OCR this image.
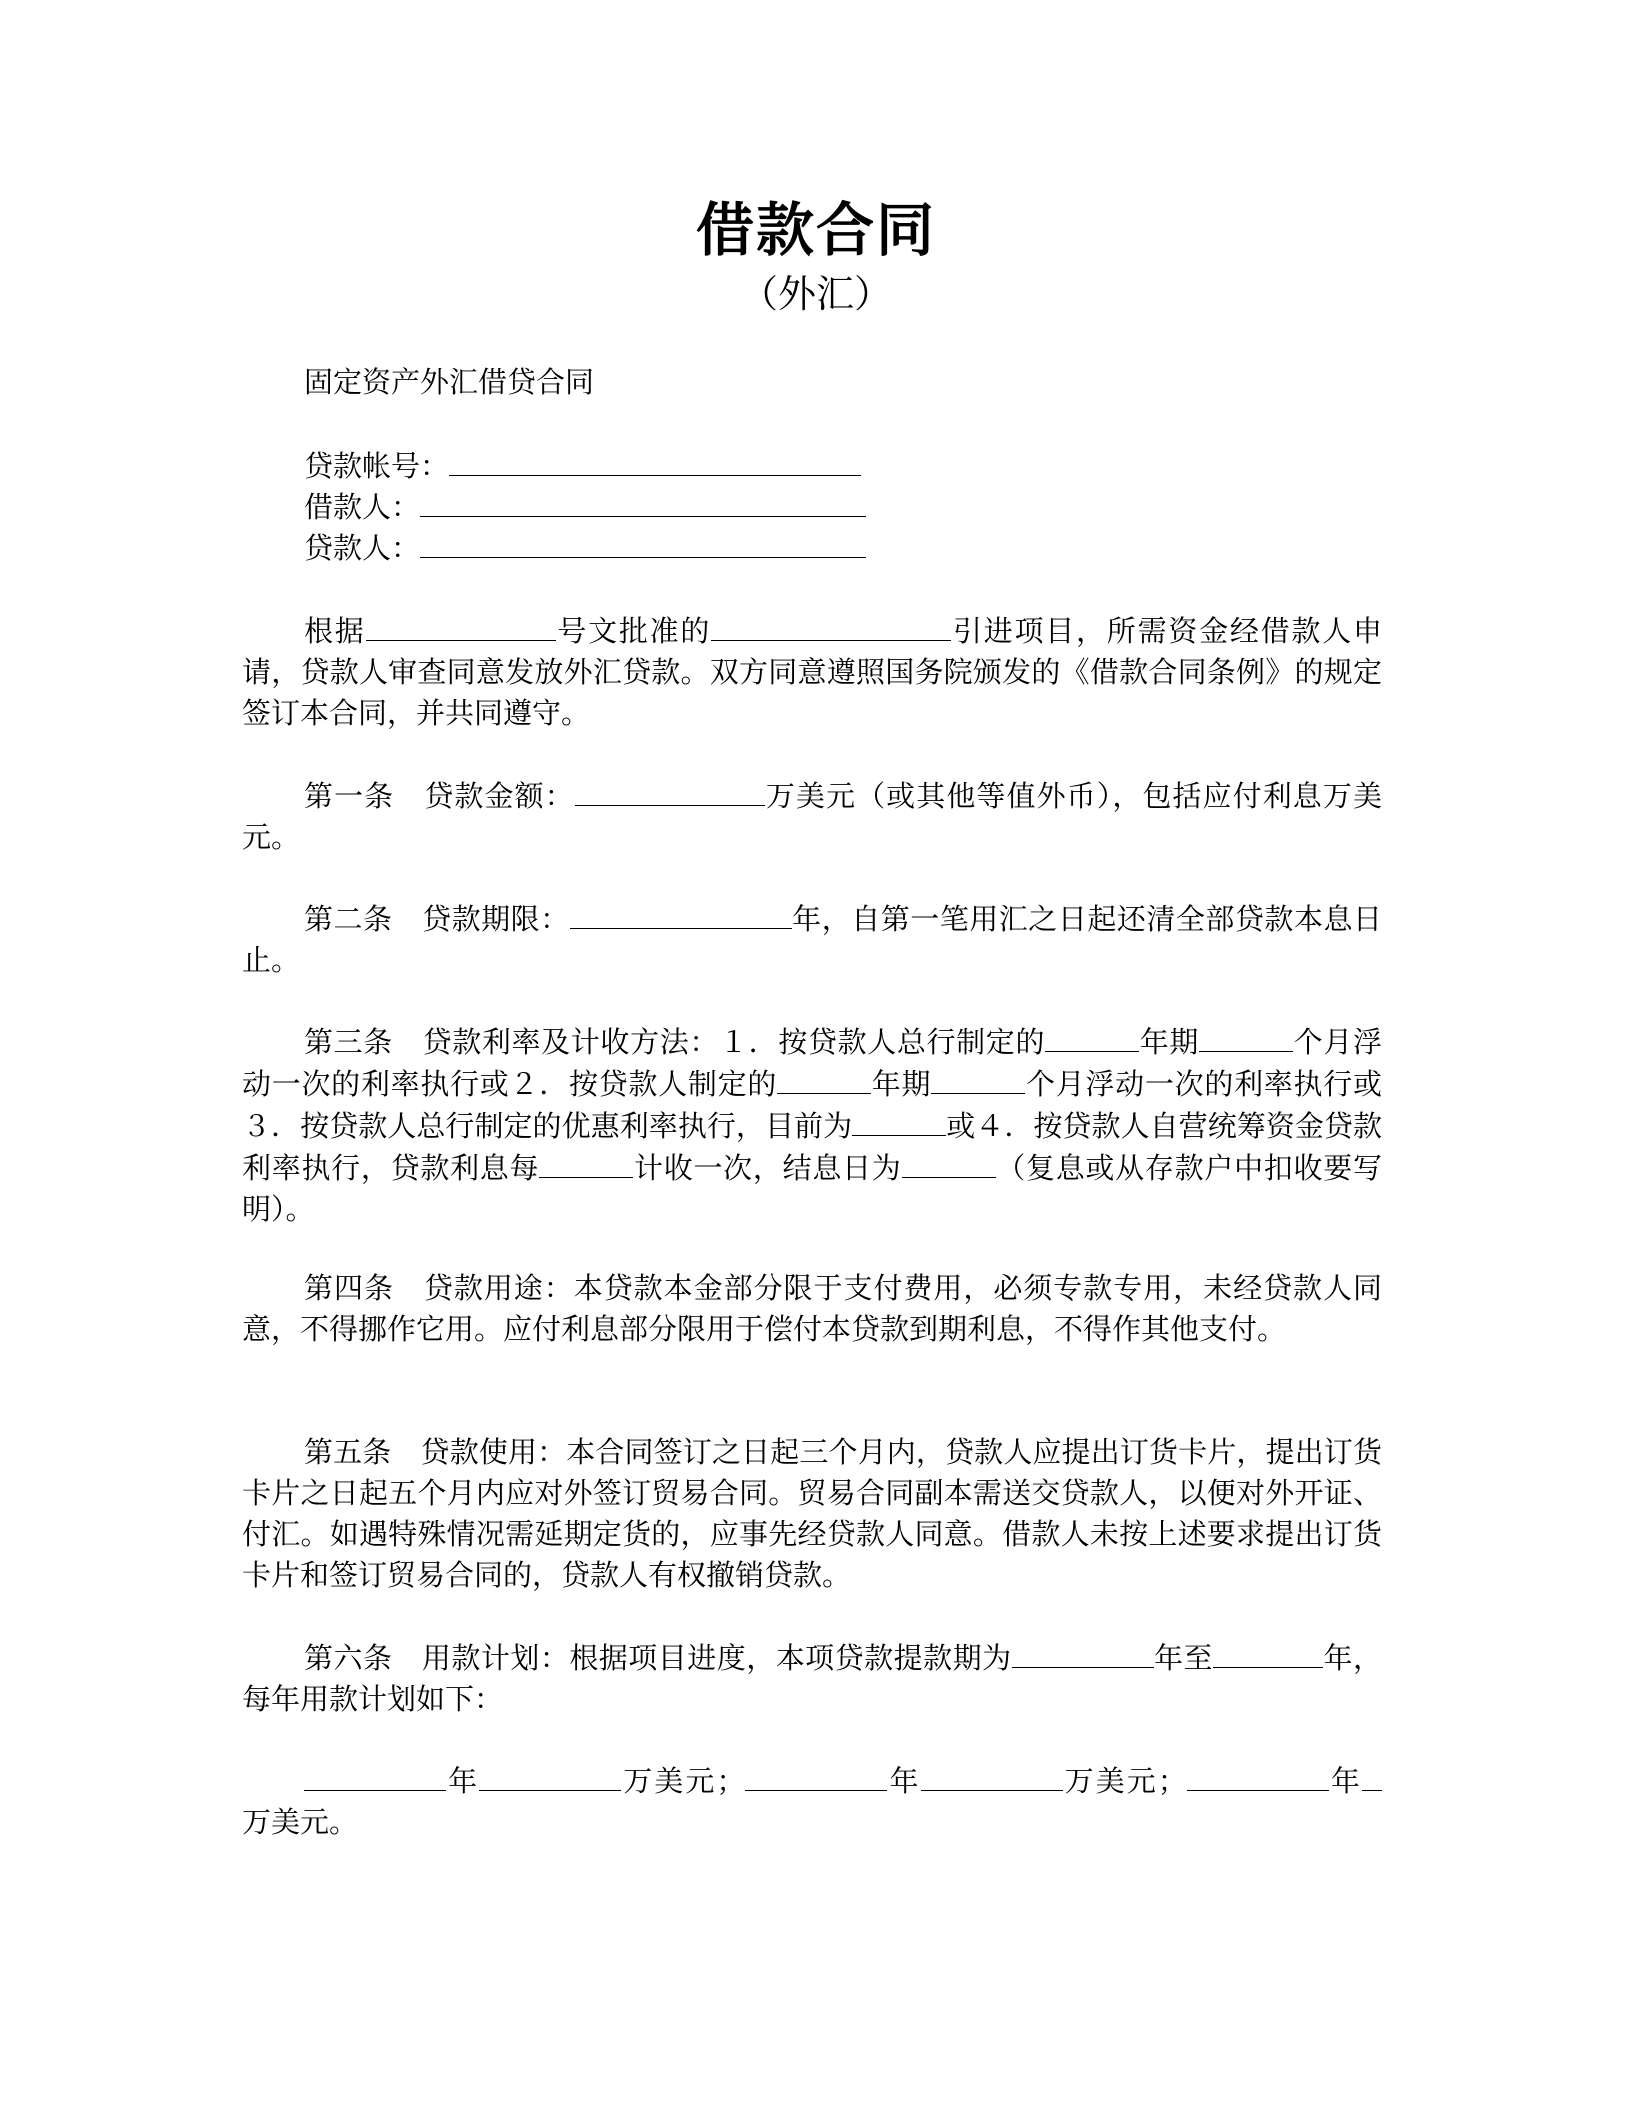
借款合同
（外汇）
固定资产外汇借贷合同
贷款帐号：
借款人：
贷款人：
根据	号文批准的	引进项目，所需资金经借款人申请，贷款人审查同意发放外汇贷款。双方同意遵照国务院颁发的《借款合同条例》的规定签订本合同，并共同遵守。
第一条　贷款金额：	万美元（或其他等值外币），包括应付利息万美元。
第二条　贷款期限：	年，自第一笔用汇之日起还清全部贷款本息日止。
第三条　贷款利率及计收方法：１．按贷款人总行制定的	年期	个月浮动一次的利率执行或２．按贷款人制定的	年期	个月浮动一次的利率执行或３．按贷款人总行制定的优惠利率执行，目前为	或４．按贷款人自营统筹资金贷款利率执行，贷款利息每	计收一次，结息日为	（复息或从存款户中扣收要写明）。
第四条　贷款用途：本贷款本金部分限于支付费用，必须专款专用，未经贷款人同意，不得挪作它用。应付利息部分限用于偿付本贷款到期利息，不得作其他支付。
第五条　贷款使用：本合同签订之日起三个月内，贷款人应提出订货卡片，提出订货卡片之日起五个月内应对外签订贸易合同。贸易合同副本需送交贷款人，以便对外开证、付汇。如遇特殊情况需延期定货的，应事先经贷款人同意。借款人未按上述要求提出订货卡片和签订贸易合同的，贷款人有权撤销贷款。
第六条　用款计划：根据项目进度，本项贷款提款期为	年至	年，每年用款计划如下：
年	万美元；	年	万美元；	年万美元。
